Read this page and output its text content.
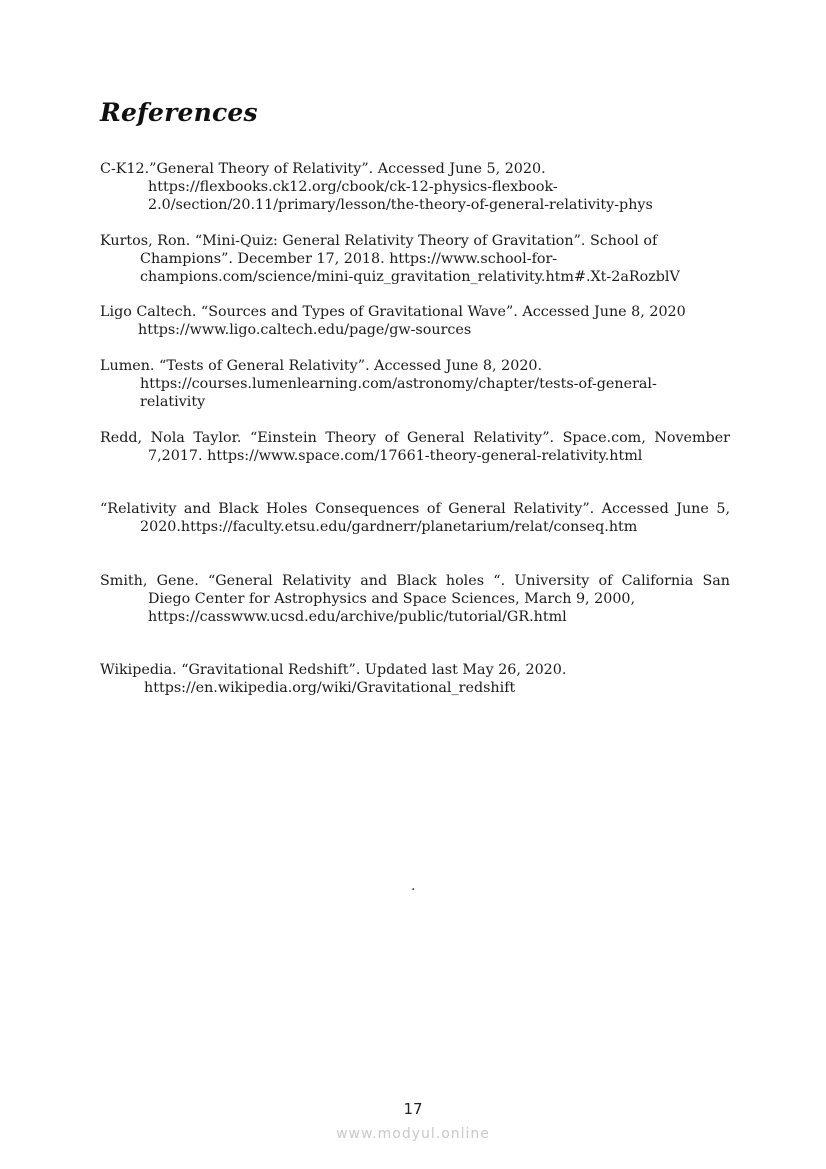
References
C-K12.”General Theory of Relativity”. Accessed June 5, 2020.
https://flexbooks.ck12.org/cbook/ck-12-physics-flexbook-
2.0/section/20.11/primary/lesson/the-theory-of-general-relativity-phys
Kurtos, Ron. “Mini-Quiz: General Relativity Theory of Gravitation”. School of
Champions”. December 17, 2018. https://www.school-for-
champions.com/science/mini-quiz_gravitation_relativity.htm#.Xt-2aRozblV
Ligo Caltech. “Sources and Types of Gravitational Wave”. Accessed June 8, 2020
https://www.ligo.caltech.edu/page/gw-sources
Lumen. “Tests of General Relativity”. Accessed June 8, 2020.
https://courses.lumenlearning.com/astronomy/chapter/tests-of-general-
relativity
Redd, Nola Taylor. “Einstein Theory of General Relativity”. Space.com, November
7,2017. https://www.space.com/17661-theory-general-relativity.html
“Relativity and Black Holes Consequences of General Relativity”. Accessed June 5,
2020.https://faculty.etsu.edu/gardnerr/planetarium/relat/conseq.htm
Smith, Gene. “General Relativity and Black holes “. University of California San
Diego Center for Astrophysics and Space Sciences, March 9, 2000,
https://casswww.ucsd.edu/archive/public/tutorial/GR.html
Wikipedia. “Gravitational Redshift”. Updated last May 26, 2020.
https://en.wikipedia.org/wiki/Gravitational_redshift
.
17
www.modyul.online
